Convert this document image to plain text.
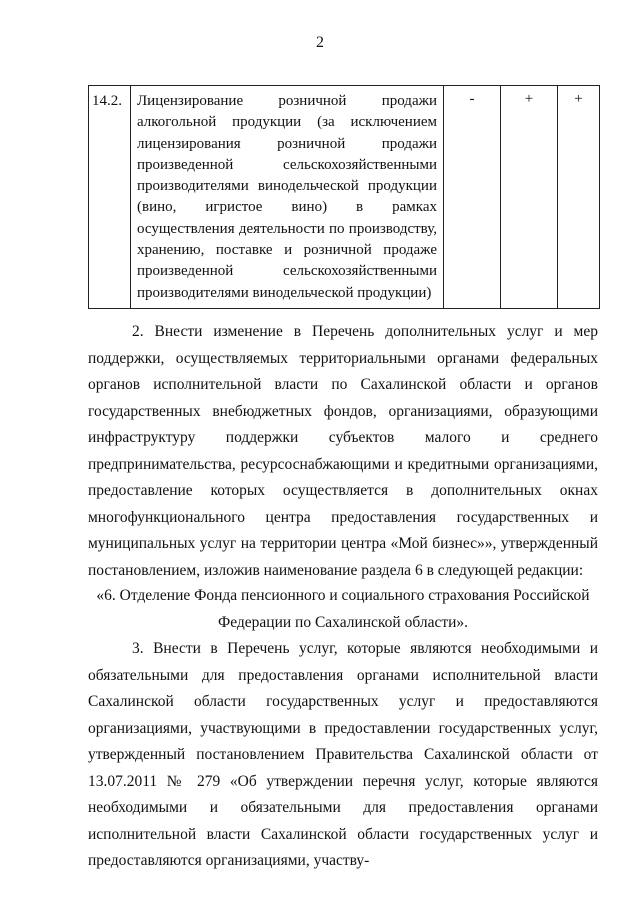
2
14.2.	Лицензирование розничной продажи алкогольной продукции (за исключением лицензирования розничной продажи произведенной сельскохозяйственными производителями винодельческой продукции (вино, игристое вино) в рамках осуществления деятельности по производству, хранению, поставке и розничной продаже произведенной сельскохозяйственными производителями винодельческой продукции)	-	+	+
2. Внести изменение в Перечень дополнительных услуг и мер поддержки, осуществляемых территориальными органами федеральных органов исполнительной власти по Сахалинской области и органов государственных внебюджетных фондов, организациями, образующими инфраструктуру поддержки субъектов малого и среднего предпринимательства, ресурсоснабжающими и кредитными организациями, предоставление которых осуществляется в дополнительных окнах многофункционального центра предоставления государственных и муниципальных услуг на территории центра «Мой бизнес»», утвержденный постановлением, изложив наименование раздела 6 в следующей редакции:
«6. Отделение Фонда пенсионного и социального страхования Российской Федерации по Сахалинской области».
3. Внести в Перечень услуг, которые являются необходимыми и обязательными для предоставления органами исполнительной власти Сахалинской области государственных услуг и предоставляются организациями, участвующими в предоставлении государственных услуг, утвержденный постановлением Правительства Сахалинской области от 13.07.2011 № 279 «Об утверждении перечня услуг, которые являются необходимыми и обязательными для предоставления органами исполнительной власти Сахалинской области государственных услуг и предоставляются организациями, участву-
